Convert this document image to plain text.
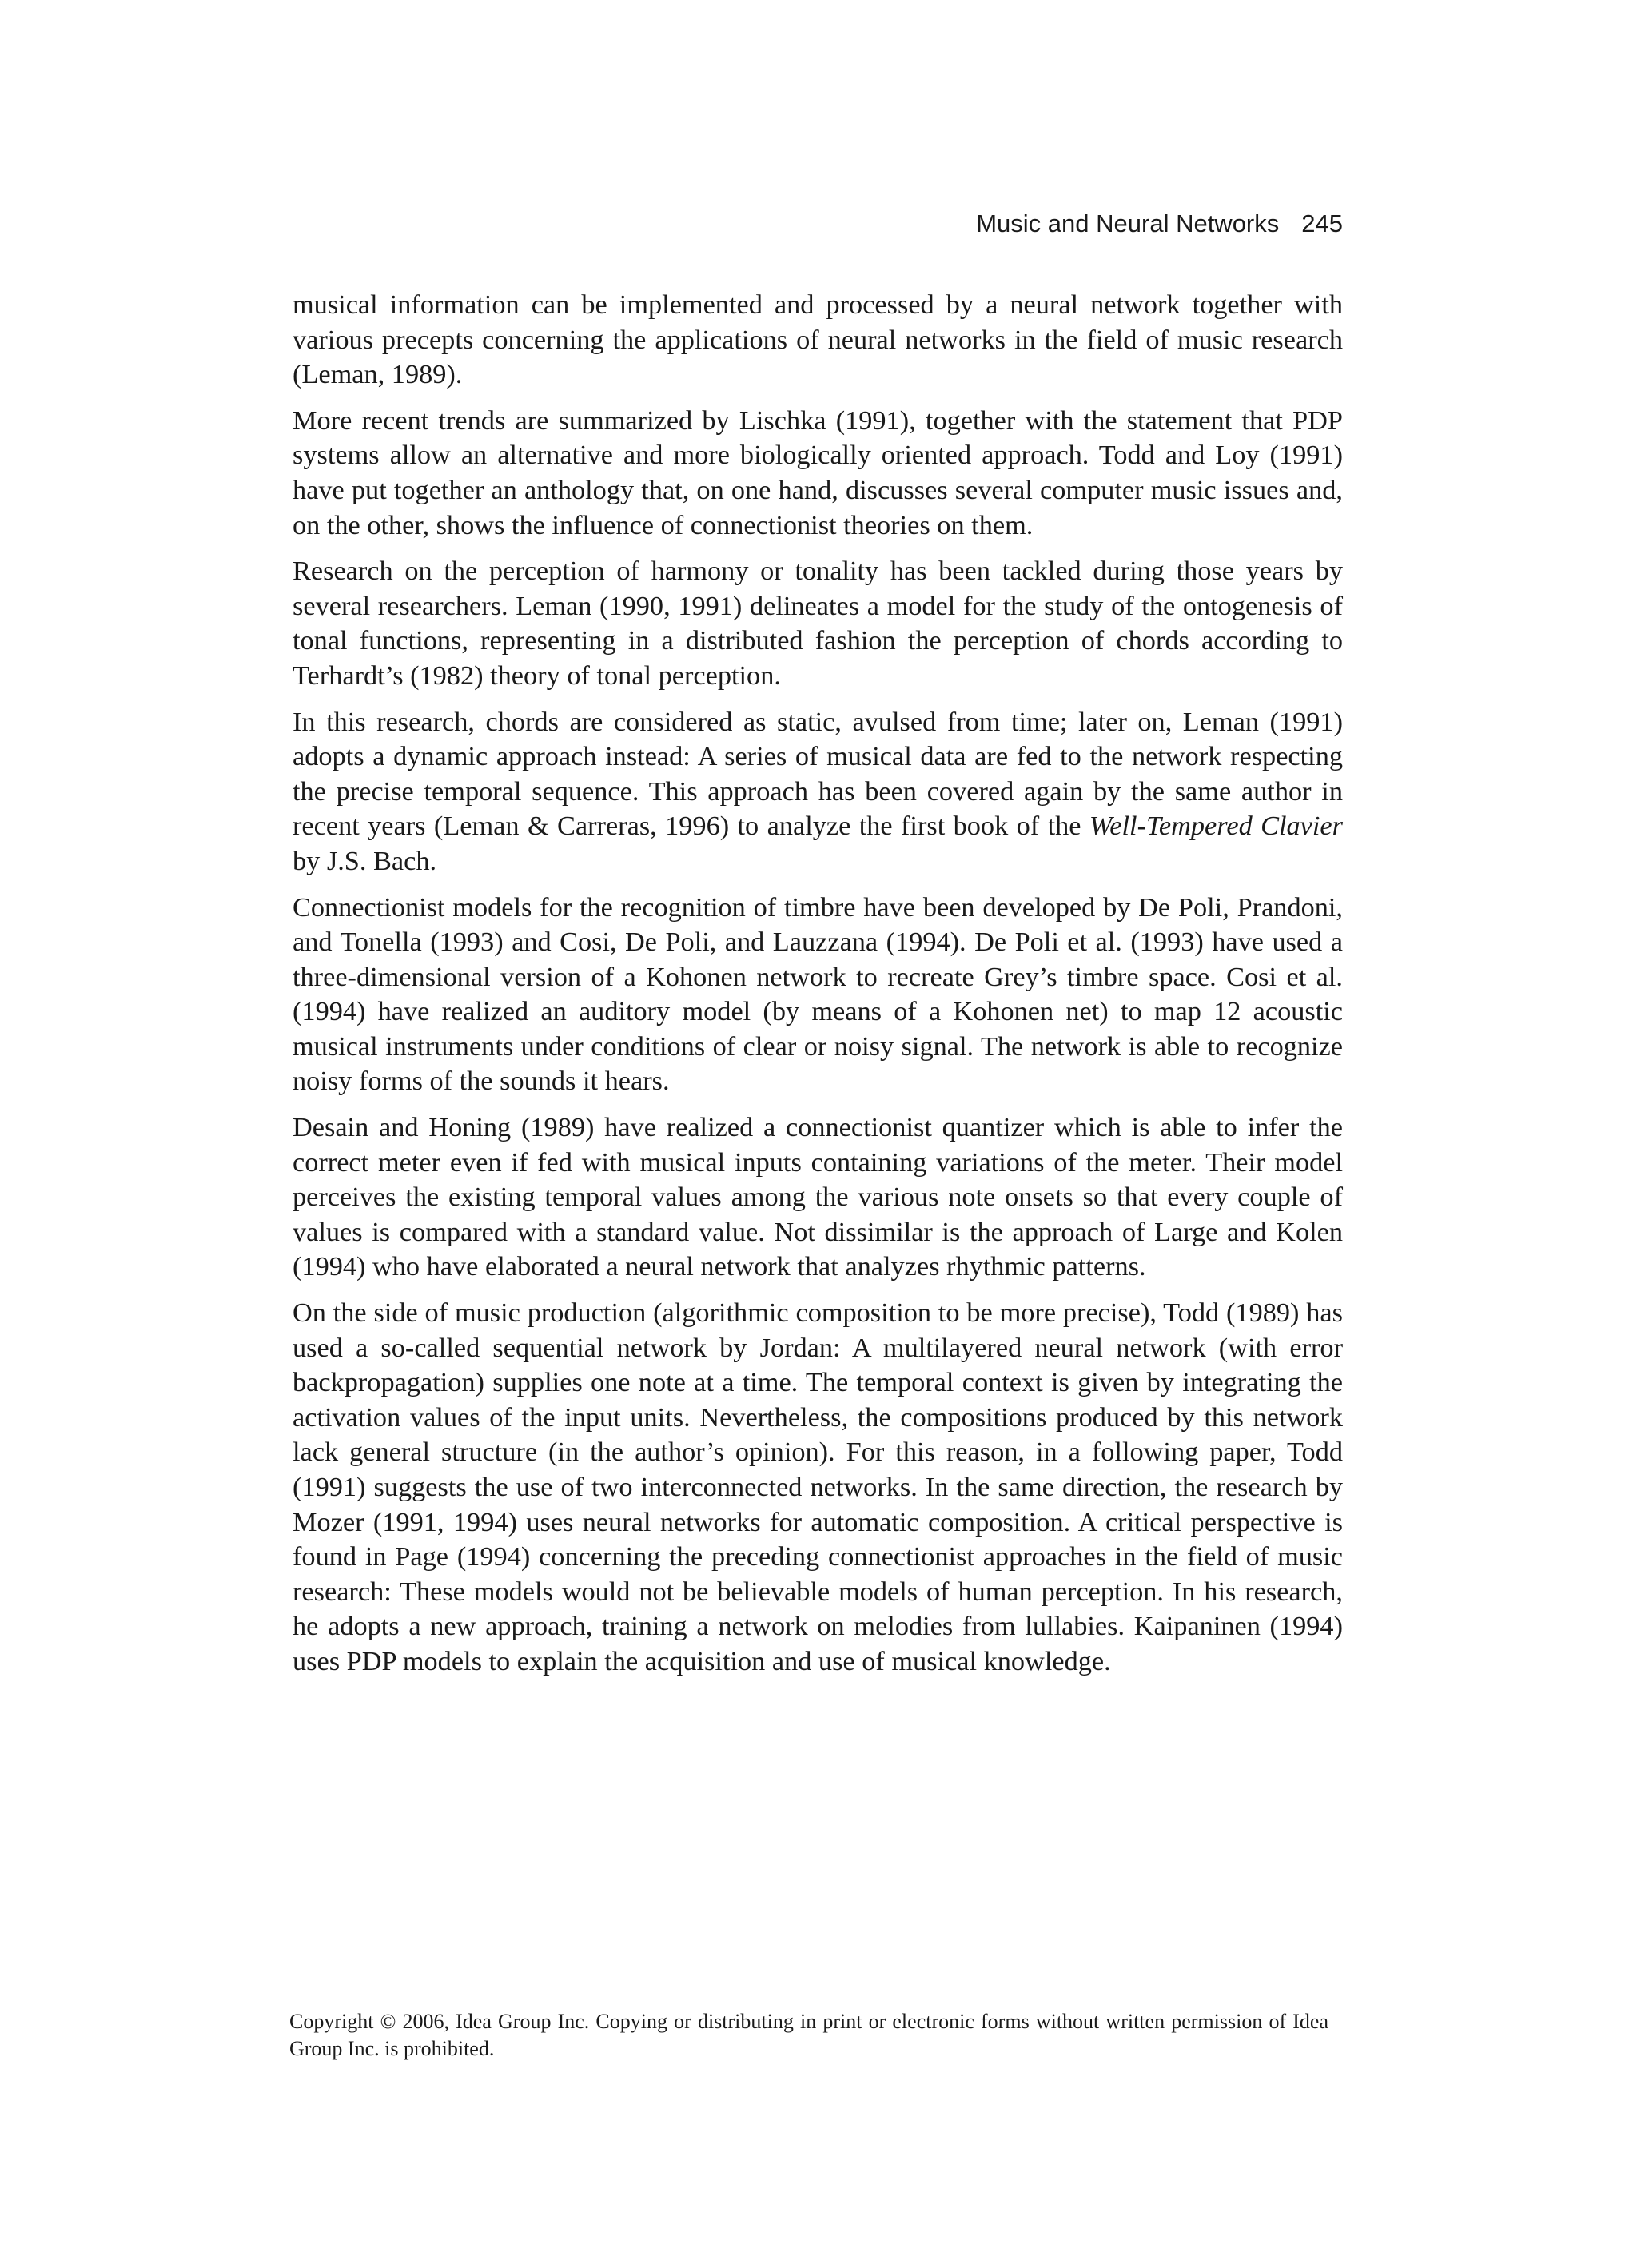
Music and Neural Networks 245

musical information can be implemented and processed by a neural network together with various precepts concerning the applications of neural networks in the field of music research (Leman, 1989).

More recent trends are summarized by Lischka (1991), together with the statement that PDP systems allow an alternative and more biologically oriented approach. Todd and Loy (1991) have put together an anthology that, on one hand, discusses several computer music issues and, on the other, shows the influence of connectionist theories on them.

Research on the perception of harmony or tonality has been tackled during those years by several researchers. Leman (1990, 1991) delineates a model for the study of the ontogenesis of tonal functions, representing in a distributed fashion the perception of chords according to Terhardt’s (1982) theory of tonal perception.

In this research, chords are considered as static, avulsed from time; later on, Leman (1991) adopts a dynamic approach instead: A series of musical data are fed to the network respecting the precise temporal sequence. This approach has been covered again by the same author in recent years (Leman & Carreras, 1996) to analyze the first book of the Well-Tempered Clavier by J.S. Bach.

Connectionist models for the recognition of timbre have been developed by De Poli, Prandoni, and Tonella (1993) and Cosi, De Poli, and Lauzzana (1994). De Poli et al. (1993) have used a three-dimensional version of a Kohonen network to recreate Grey’s timbre space. Cosi et al. (1994) have realized an auditory model (by means of a Kohonen net) to map 12 acoustic musical instruments under conditions of clear or noisy signal. The network is able to recognize noisy forms of the sounds it hears.

Desain and Honing (1989) have realized a connectionist quantizer which is able to infer the correct meter even if fed with musical inputs containing variations of the meter. Their model perceives the existing temporal values among the various note onsets so that every couple of values is compared with a standard value. Not dissimilar is the approach of Large and Kolen (1994) who have elaborated a neural network that analyzes rhythmic patterns.

On the side of music production (algorithmic composition to be more precise), Todd (1989) has used a so-called sequential network by Jordan: A multilayered neural network (with error backpropagation) supplies one note at a time. The temporal context is given by integrating the activation values of the input units. Nevertheless, the compositions produced by this network lack general structure (in the author’s opinion). For this reason, in a following paper, Todd (1991) suggests the use of two interconnected networks. In the same direction, the research by Mozer (1991, 1994) uses neural networks for automatic composition. A critical perspective is found in Page (1994) concerning the preceding connectionist approaches in the field of music research: These models would not be believable models of human perception. In his research, he adopts a new approach, training a network on melodies from lullabies. Kaipaninen (1994) uses PDP models to explain the acquisition and use of musical knowledge.

Copyright © 2006, Idea Group Inc. Copying or distributing in print or electronic forms without written permission of Idea Group Inc. is prohibited.
